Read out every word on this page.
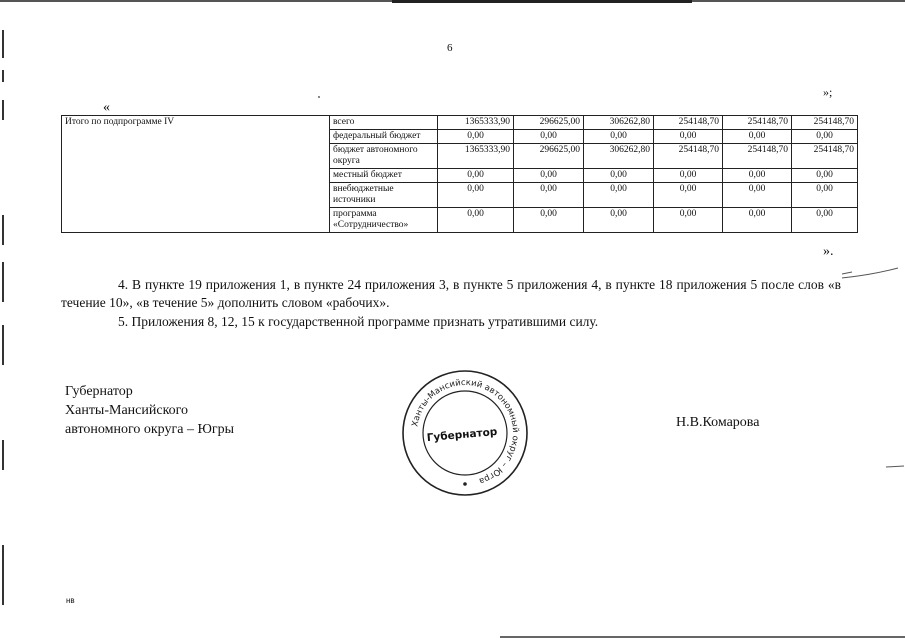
6
«
»;
Итого по подпрограмме IV	всего	1365333,90	296625,00	306262,80	254148,70	254148,70	254148,70
	федеральный бюджет	0,00	0,00	0,00	0,00	0,00	0,00
	бюджет автономного округа	1365333,90	296625,00	306262,80	254148,70	254148,70	254148,70
	местный бюджет	0,00	0,00	0,00	0,00	0,00	0,00
	внебюджетные источники	0,00	0,00	0,00	0,00	0,00	0,00
	программа «Сотрудничество»	0,00	0,00	0,00	0,00	0,00	0,00
».
4. В пункте 19 приложения 1, в пункте 24 приложения 3, в пункте 5 приложения 4, в пункте 18 приложения 5 после слов «в течение 10», «в течение 5» дополнить словом «рабочих».
5. Приложения 8, 12, 15 к государственной программе признать утратившими силу.
Губернатор
Ханты-Мансийского
автономного округа – Югры	Ханты-Мансийский автономный округ – Югра
Губернатор
Н.В.Комарова
нв
